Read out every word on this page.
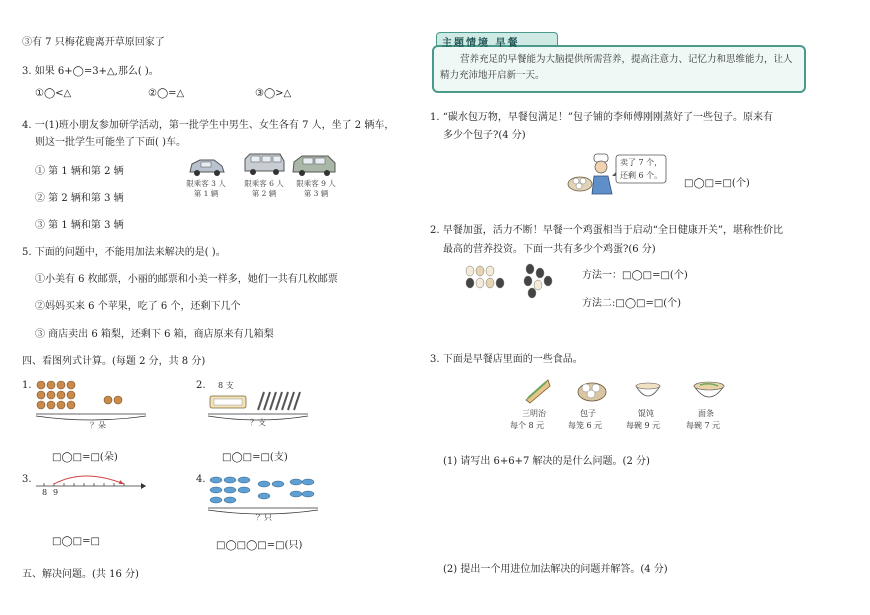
③有 7 只梅花鹿离开草原回家了
3. 如果 6+◯=3+△,那么( )。
①◯<△	②◯=△	③◯>△
4. 一(1)班小朋友参加研学活动，第一批学生中男生、女生各有 7 人，坐了 2 辆车，
则这一批学生可能坐了下面( )车。
① 第 1 辆和第 2 辆
② 第 2 辆和第 3 辆
③ 第 1 辆和第 3 辆
限乘客 3 人
第 1 辆
限乘客 6 人
第 2 辆
限乘客 9 人
第 3 辆
5. 下面的问题中，不能用加法来解决的是( )。
①小美有 6 枚邮票，小丽的邮票和小美一样多，她们一共有几枚邮票
②妈妈买来 6 个苹果，吃了 6 个，还剩下几个
③ 商店卖出 6 箱梨，还剩下 6 箱，商店原来有几箱梨
四、看图列式计算。(每题 2 分，共 8 分)
1.
？朵
□◯□=□(朵)
2. 8 支
？支
□◯□=□(支)
3.
8 9
□◯□=□
4.
？只
□◯□◯□=□(只)
五、解决问题。(共 16 分)
主题情境 早餐
营养充足的早餐能为大脑提供所需营养，提高注意力、记忆力和思维能力，让人精力充沛地开启新一天。
1. “碳水包万物，早餐包满足！”包子铺的李师傅刚刚蒸好了一些包子。原来有
多少个包子?(4 分)
卖了 7 个，
还剩 6 个。
□◯□=□(个)
2. 早餐加蛋，活力不断！早餐一个鸡蛋相当于启动“全日健康开关”，堪称性价比
最高的营养投资。下面一共有多少个鸡蛋?(6 分)
方法一：□◯□=□(个)
方法二:□◯□=□(个)
3. 下面是早餐店里面的一些食品。
三明治
每个 8 元
包子
每笼 6 元
馄饨
每碗 9 元
面条
每碗 7 元
(1) 请写出 6+6+7 解决的是什么问题。(2 分)
(2) 提出一个用进位加法解决的问题并解答。(4 分)
